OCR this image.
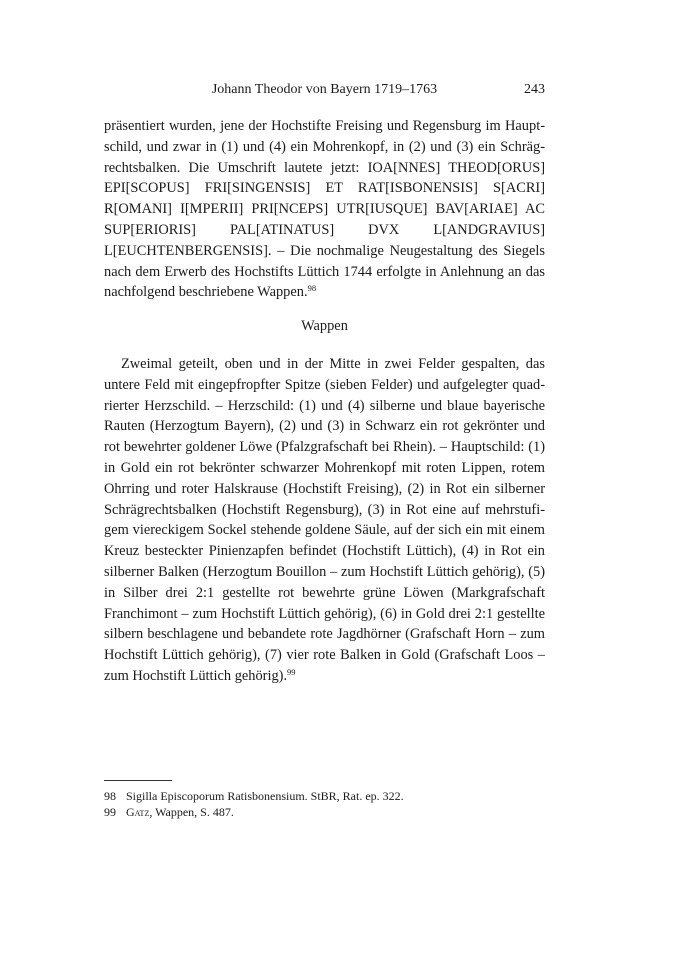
Johann Theodor von Bayern 1719–1763	243

präsentiert wurden, jene der Hochstifte Freising und Regensburg im Hauptschild, und zwar in (1) und (4) ein Mohrenkopf, in (2) und (3) ein Schrägrechtsbalken. Die Umschrift lautete jetzt: IOA[NNES] THEOD[ORUS] EPI[SCOPUS] FRI[SINGENSIS] ET RAT[ISBONENSIS] S[ACRI] R[OMANI] I[MPERII] PRI[NCEPS] UTR[IUSQUE] BAV[ARIAE] AC SUP[ERIORIS] PAL[ATINATUS] DVX L[ANDGRAVIUS] L[EUCHTENBERGENSIS]. – Die nochmalige Neugestaltung des Siegels nach dem Erwerb des Hochstifts Lüttich 1744 erfolgte in Anlehnung an das nachfolgend beschriebene Wappen.$^{98}$

Wappen

Zweimal geteilt, oben und in der Mitte in zwei Felder gespalten, das untere Feld mit eingepfropfter Spitze (sieben Felder) und aufgelegter quadrierter Herzschild. – Herzschild: (1) und (4) silberne und blaue bayerische Rauten (Herzogtum Bayern), (2) und (3) in Schwarz ein rot gekrönter und rot bewehrter goldener Löwe (Pfalzgrafschaft bei Rhein). – Hauptschild: (1) in Gold ein rot bekrönter schwarzer Mohrenkopf mit roten Lippen, rotem Ohrring und roter Halskrause (Hochstift Freising), (2) in Rot ein silberner Schrägrechtsbalken (Hochstift Regensburg), (3) in Rot eine auf mehrstufigem viereckigem Sockel stehende goldene Säule, auf der sich ein mit einem Kreuz besteckter Pinienzapfen befindet (Hochstift Lüttich), (4) in Rot ein silberner Balken (Herzogtum Bouillon – zum Hochstift Lüttich gehörig), (5) in Silber drei 2:1 gestellte rot bewehrte grüne Löwen (Markgrafschaft Franchimont – zum Hochstift Lüttich gehörig), (6) in Gold drei 2:1 gestellte silbern beschlagene und bebandete rote Jagdhörner (Grafschaft Horn – zum Hochstift Lüttich gehörig), (7) vier rote Balken in Gold (Grafschaft Loos – zum Hochstift Lüttich gehörig).$^{99}$

98 Sigilla Episcoporum Ratisbonensium. StBR, Rat. ep. 322.
99 Gatz, Wappen, S. 487.
